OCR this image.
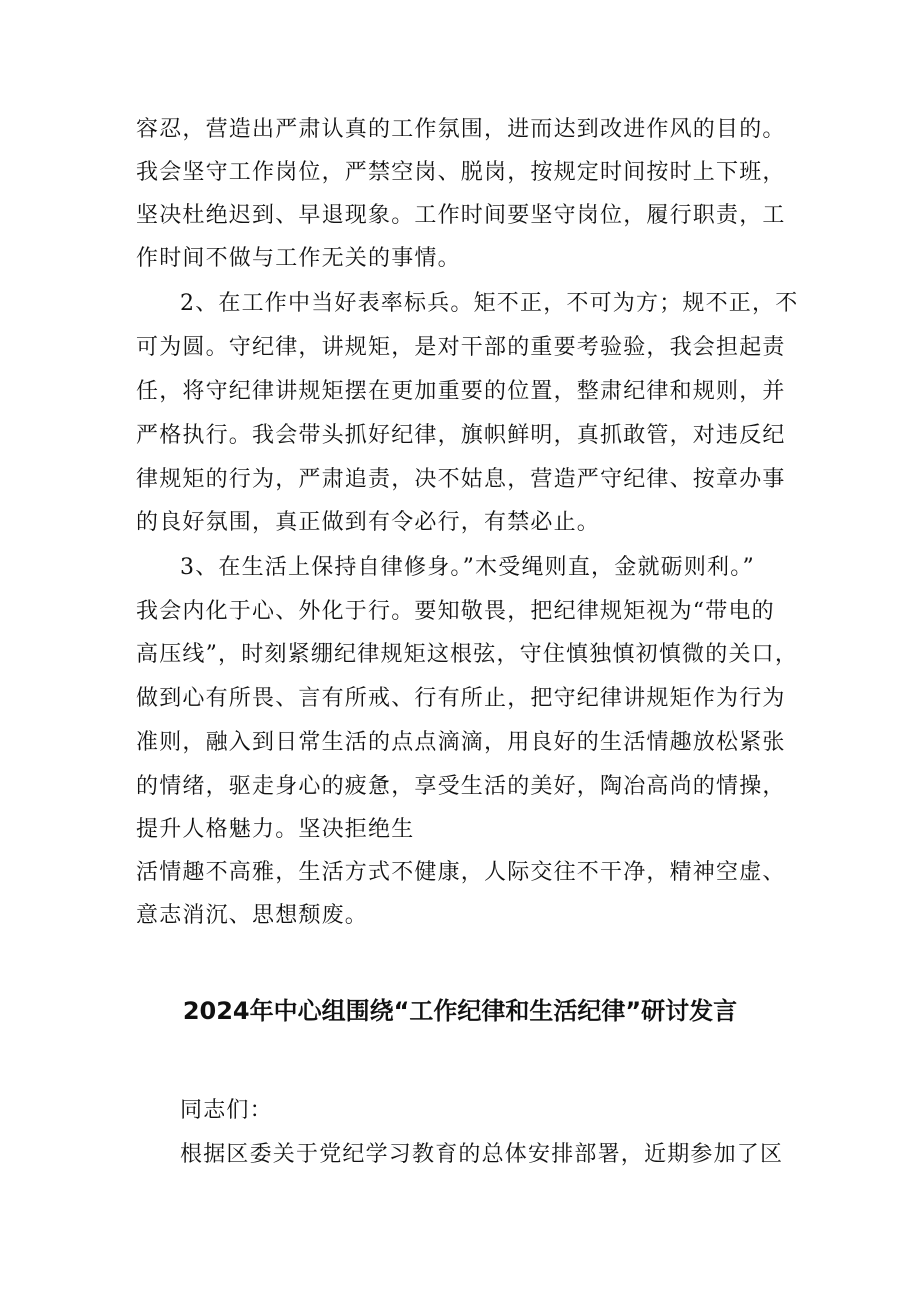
容忍，营造出严肃认真的工作氛围，进而达到改进作风的目的。
我会坚守工作岗位，严禁空岗、脱岗，按规定时间按时上下班，
坚决杜绝迟到、早退现象。工作时间要坚守岗位，履行职责，工
作时间不做与工作无关的事情。
2、在工作中当好表率标兵。矩不正，不可为方；规不正，不
可为圆。守纪律，讲规矩，是对干部的重要考验验，我会担起责
任，将守纪律讲规矩摆在更加重要的位置，整肃纪律和规则，并
严格执行。我会带头抓好纪律，旗帜鲜明，真抓敢管，对违反纪
律规矩的行为，严肃追责，决不姑息，营造严守纪律、按章办事
的良好氛围，真正做到有令必行，有禁必止。
3、在生活上保持自律修身。”木受绳则直，金就砺则利。”
我会内化于心、外化于行。要知敬畏，把纪律规矩视为“带电的
高压线”，时刻紧绷纪律规矩这根弦，守住慎独慎初慎微的关口，
做到心有所畏、言有所戒、行有所止，把守纪律讲规矩作为行为
准则，融入到日常生活的点点滴滴，用良好的生活情趣放松紧张
的情绪，驱走身心的疲惫，享受生活的美好，陶冶高尚的情操，
提升人格魅力。坚决拒绝生
活情趣不高雅，生活方式不健康，人际交往不干净，精神空虚、
意志消沉、思想颓废。
2024年中心组围绕“工作纪律和生活纪律”研讨发言
同志们：
根据区委关于党纪学习教育的总体安排部署，近期参加了区
